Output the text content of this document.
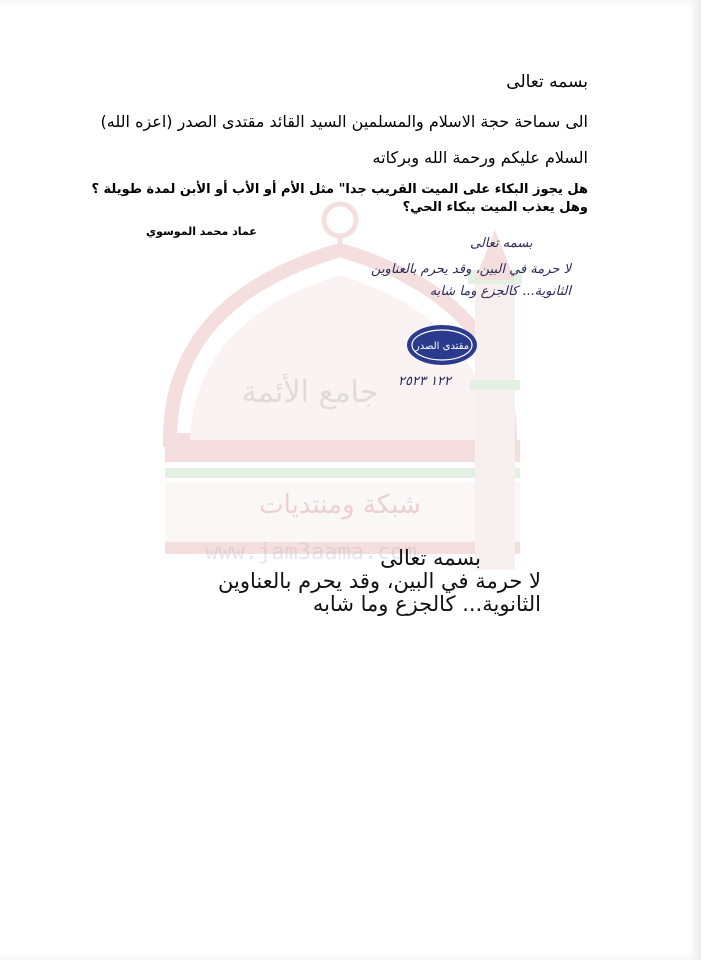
جامع الأئمة
شبكة ومنتديات
www.jam3aama.com
بسمه تعالى
الى سماحة حجة الاسلام والمسلمين السيد القائد مقتدى الصدر (اعزه الله)
السلام عليكم ورحمة الله وبركاته
هل يجوز البكاء على الميت القريب جدا" مثل الأم أو الأب أو الأبن لمدة طويلة ؟
وهل يعذب الميت ببكاء الحي؟
عماد محمد الموسوي
بسمه تعالى
لا حرمة في البين، وقد يحرم بالعناوين
الثانوية... كالجزع وما شابه
مقتدى الصدر
١٢٢ ٢٥٢٣
بسمه تعالى
لا حرمة في البين، وقد يحرم بالعناوين
الثانوية... كالجزع وما شابه
